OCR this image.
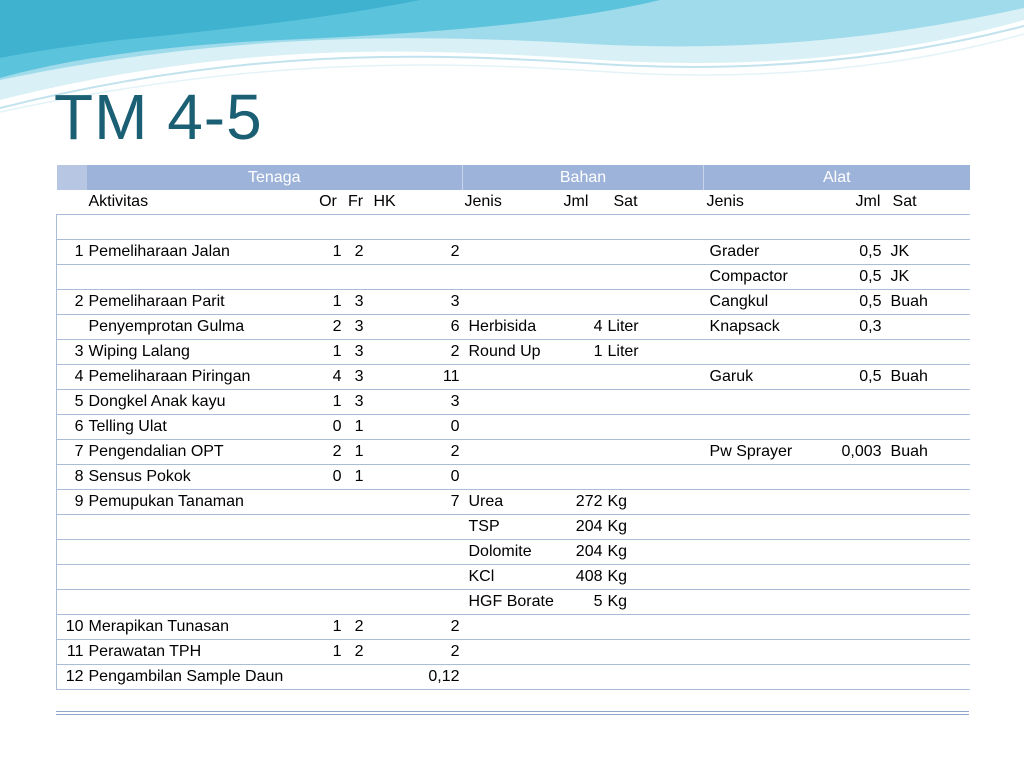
TM 4-5
	Tenaga				Bahan			Alat		
	Aktivitas	Or	Fr	HK	Jenis	Jml	Sat	Jenis	Jml	Sat

1	Pemeliharaan Jalan	1	2	2				Grader	0,5	JK
								Compactor	0,5	JK
2	Pemeliharaan Parit	1	3	3				Cangkul	0,5	Buah
	Penyemprotan Gulma	2	3	6	Herbisida	4	Liter	Knapsack	0,3	
3	Wiping Lalang	1	3	2	Round Up	1	Liter			
4	Pemeliharaan Piringan	4	3	11				Garuk	0,5	Buah
5	Dongkel Anak kayu	1	3	3						
6	Telling Ulat	0	1	0						
7	Pengendalian OPT	2	1	2				Pw Sprayer	0,003	Buah
8	Sensus Pokok	0	1	0						
9	Pemupukan Tanaman			7	Urea	272	Kg			
					TSP	204	Kg			
					Dolomite	204	Kg			
					KCl	408	Kg			
					HGF Borate	5	Kg			
10	Merapikan Tunasan	1	2	2						
11	Perawatan TPH	1	2	2						
12	Pengambilan Sample Daun			0,12						
